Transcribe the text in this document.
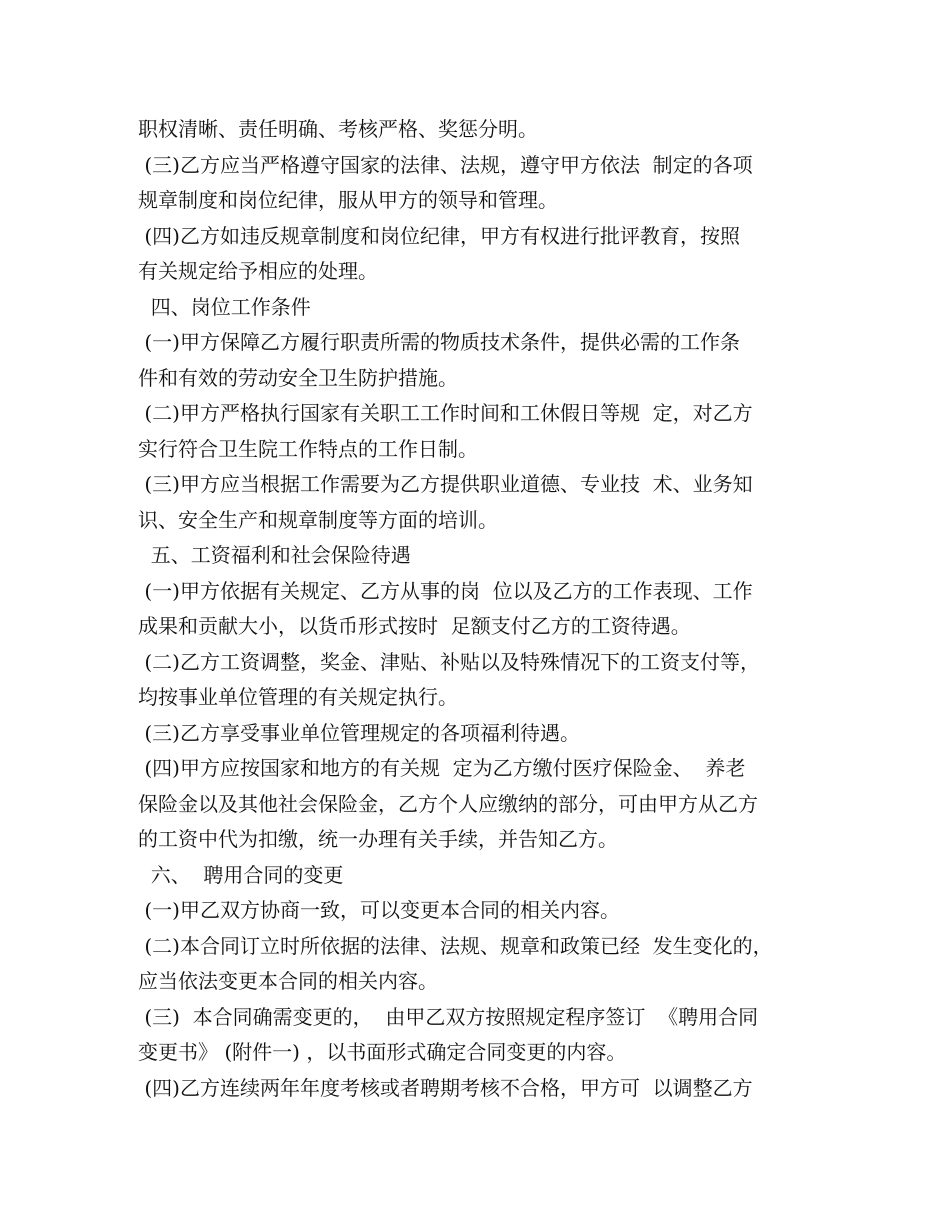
职权清晰、责任明确、考核严格、奖惩分明。
(三)乙方应当严格遵守国家的法律、法规，遵守甲方依法  制定的各项
规章制度和岗位纪律，服从甲方的领导和管理。
(四)乙方如违反规章制度和岗位纪律，甲方有权进行批评教育，按照
有关规定给予相应的处理。
四、岗位工作条件
(一)甲方保障乙方履行职责所需的物质技术条件，提供必需的工作条
件和有效的劳动安全卫生防护措施。
(二)甲方严格执行国家有关职工工作时间和工休假日等规  定，对乙方
实行符合卫生院工作特点的工作日制。
(三)甲方应当根据工作需要为乙方提供职业道德、专业技  术、业务知
识、安全生产和规章制度等方面的培训。
五、工资福利和社会保险待遇
(一)甲方依据有关规定、乙方从事的岗  位以及乙方的工作表现、工作
成果和贡献大小，以货币形式按时  足额支付乙方的工资待遇。
(二)乙方工资调整，奖金、津贴、补贴以及特殊情况下的工资支付等，
均按事业单位管理的有关规定执行。
(三)乙方享受事业单位管理规定的各项福利待遇。
(四)甲方应按国家和地方的有关规  定为乙方缴付医疗保险金、  养老
保险金以及其他社会保险金，乙方个人应缴纳的部分，可由甲方从乙方
的工资中代为扣缴，统一办理有关手续，并告知乙方。
六、  聘用合同的变更
(一)甲乙双方协商一致，可以变更本合同的相关内容。
(二)本合同订立时所依据的法律、法规、规章和政策已经  发生变化的，
应当依法变更本合同的相关内容。
(三)  本合同确需变更的，  由甲乙双方按照规定程序签订  《聘用合同
变更书》 (附件一) ，以书面形式确定合同变更的内容。
(四)乙方连续两年年度考核或者聘期考核不合格，甲方可  以调整乙方
